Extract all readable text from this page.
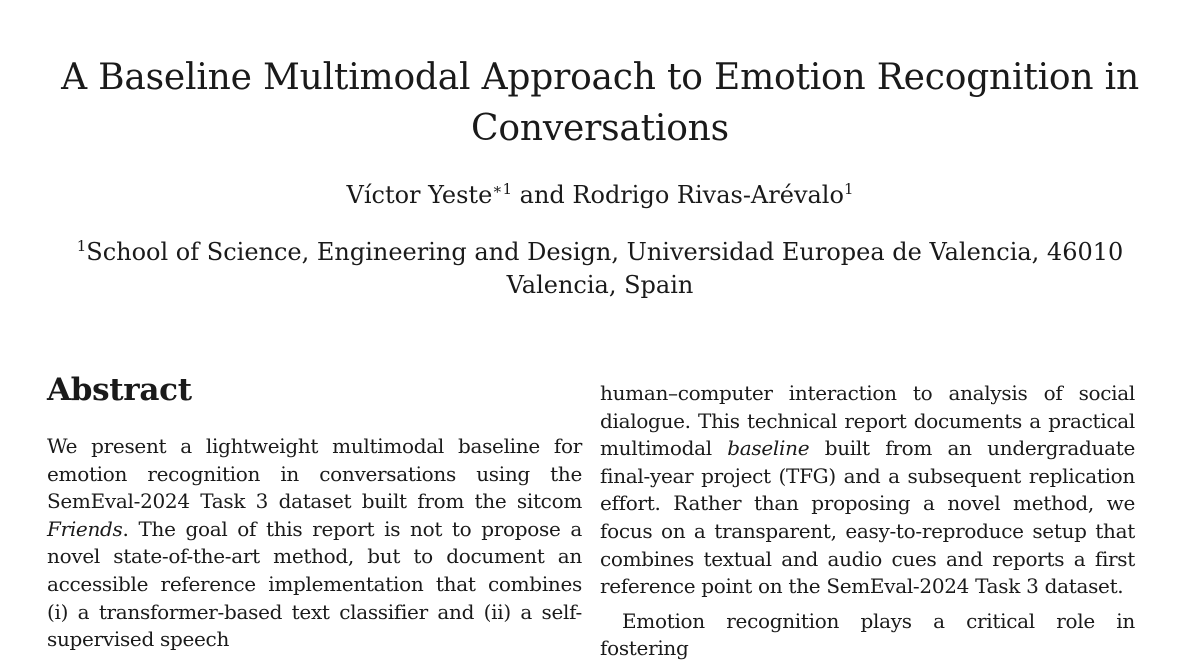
A Baseline Multimodal Approach to Emotion Recognition in Conversations
Víctor Yeste$^{∗1}$ and Rodrigo Rivas-Arévalo$^1$
$^1$School of Science, Engineering and Design, Universidad Europea de Valencia, 46010 Valencia, Spain
Abstract

We present a lightweight multimodal baseline for emotion recognition in conversations using the SemEval-2024 Task 3 dataset built from the sitcom Friends. The goal of this report is not to propose a novel state-of-the-art method, but to document an accessible reference implementation that combines (i) a transformer-based text classifier and (ii) a self-supervised speech

human–computer interaction to analysis of social dialogue. This technical report documents a practical multimodal baseline built from an undergraduate final-year project (TFG) and a subsequent replication effort. Rather than proposing a novel method, we focus on a transparent, easy-to-reproduce setup that combines textual and audio cues and reports a first reference point on the SemEval-2024 Task 3 dataset.

Emotion recognition plays a critical role in fostering
